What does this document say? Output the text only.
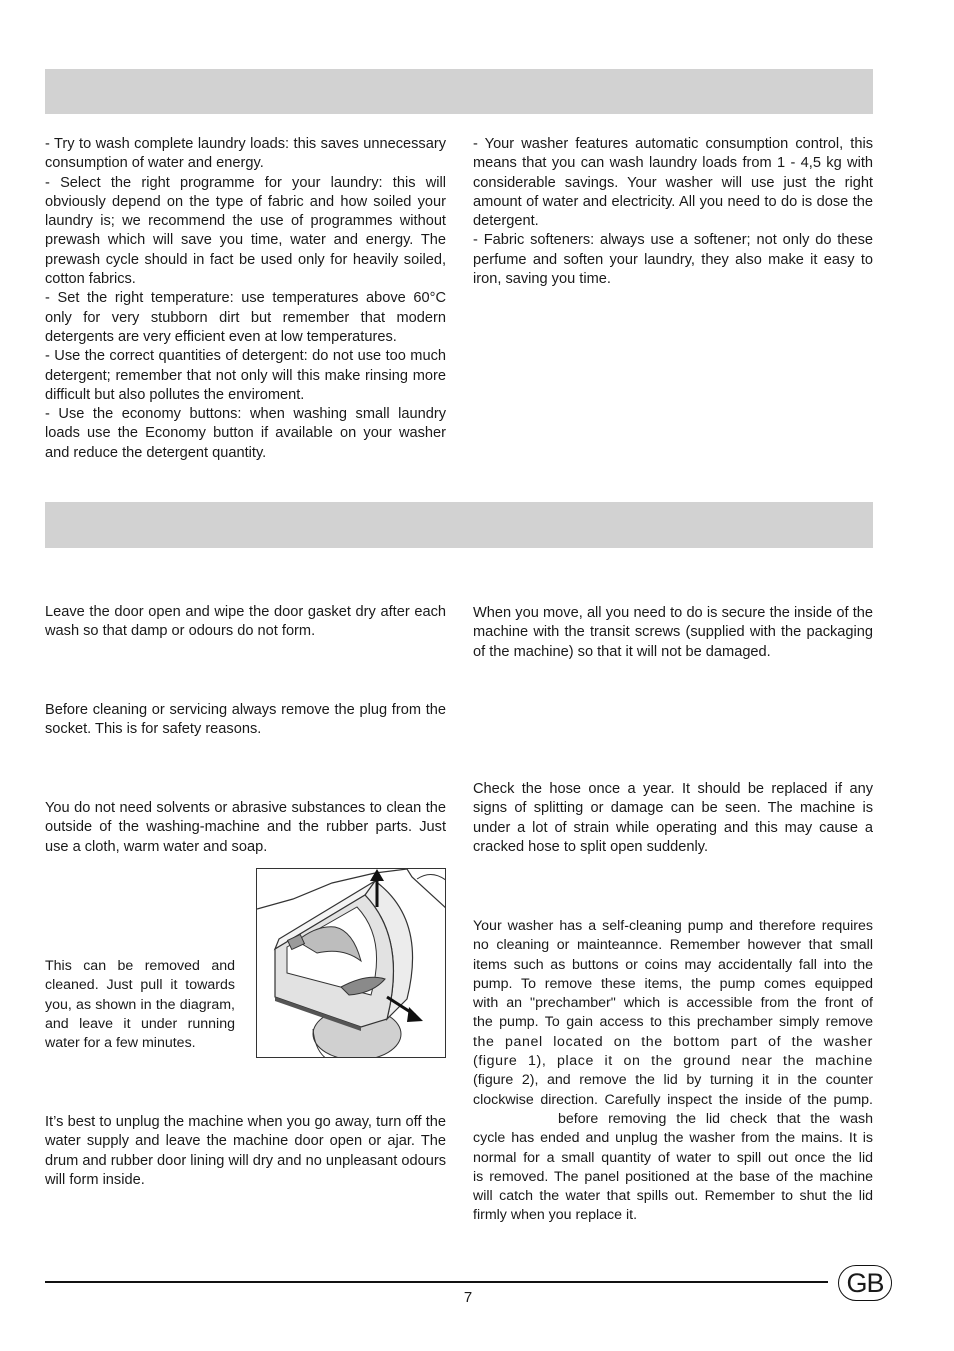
- Try to wash complete laundry loads: this saves unnecessary consumption of water and energy.
- Select the right programme for your laundry: this will obviously depend on the type of fabric and how soiled your laundry is; we recommend the use of programmes without prewash which will save you time, water and energy. The prewash cycle should in fact be used only for heavily soiled, cotton fabrics.
- Set the right temperature: use temperatures above 60°C only for very stubborn dirt but remember that modern detergents are very efficient even at low temperatures.
- Use the correct quantities of detergent: do not use too much detergent; remember that not only will this make rinsing more difficult but also pollutes the enviroment.
- Use the economy buttons: when washing small laundry loads use the Economy button if available on your washer and reduce the detergent quantity.
- Your washer features automatic consumption control, this means that you can wash laundry loads from 1 - 4,5 kg with considerable savings. Your washer will use just the right amount of water and electricity. All you need to do is dose the detergent.
- Fabric softeners: always use a softener; not only do these perfume and soften your laundry, they also make it easy to iron, saving you time.

Leave the door open and wipe the door gasket dry after each wash so that damp or odours do not form.

Before cleaning or servicing always remove the plug from the socket. This is for safety reasons.

You do not need solvents or abrasive substances to clean the outside of the washing-machine and the rubber parts. Just use a cloth, warm water and soap.

This can be removed and cleaned. Just pull it towards you, as shown in the diagram, and leave it under running water for a few minutes.

It’s best to unplug the machine when you go away, turn off the water supply and leave the machine door open or ajar. The drum and rubber door lining will dry and no unpleasant odours will form inside.

When you move, all you need to do is secure the inside of the machine with the transit screws (supplied with the packaging of the machine) so that it will not be damaged.

Check the hose once a year. It should be replaced if any signs of splitting or damage can be seen. The machine is under a lot of strain while operating and this may cause a cracked hose to split open suddenly.

Your washer has a self-cleaning pump and therefore requires
no cleaning or mainteannce. Remember however that small
items such as buttons or coins may accidentally fall into the
pump. To remove these items, the pump comes equipped
with an "prechamber" which is accessible from the front of
the pump. To gain access to this prechamber simply remove
the panel located on the bottom part of the washer
(figure 1), place it on the ground near the machine
(figure 2), and remove the lid by turning it in the counter
clockwise direction. Carefully inspect the inside of the pump.
before removing the lid check that the wash
cycle has ended and unplug the washer from the mains. It is
normal for a small quantity of water to spill out once the lid
is removed. The panel positioned at the base of the machine
will catch the water that spills out. Remember to shut the lid
firmly when you replace it.
7	GB
